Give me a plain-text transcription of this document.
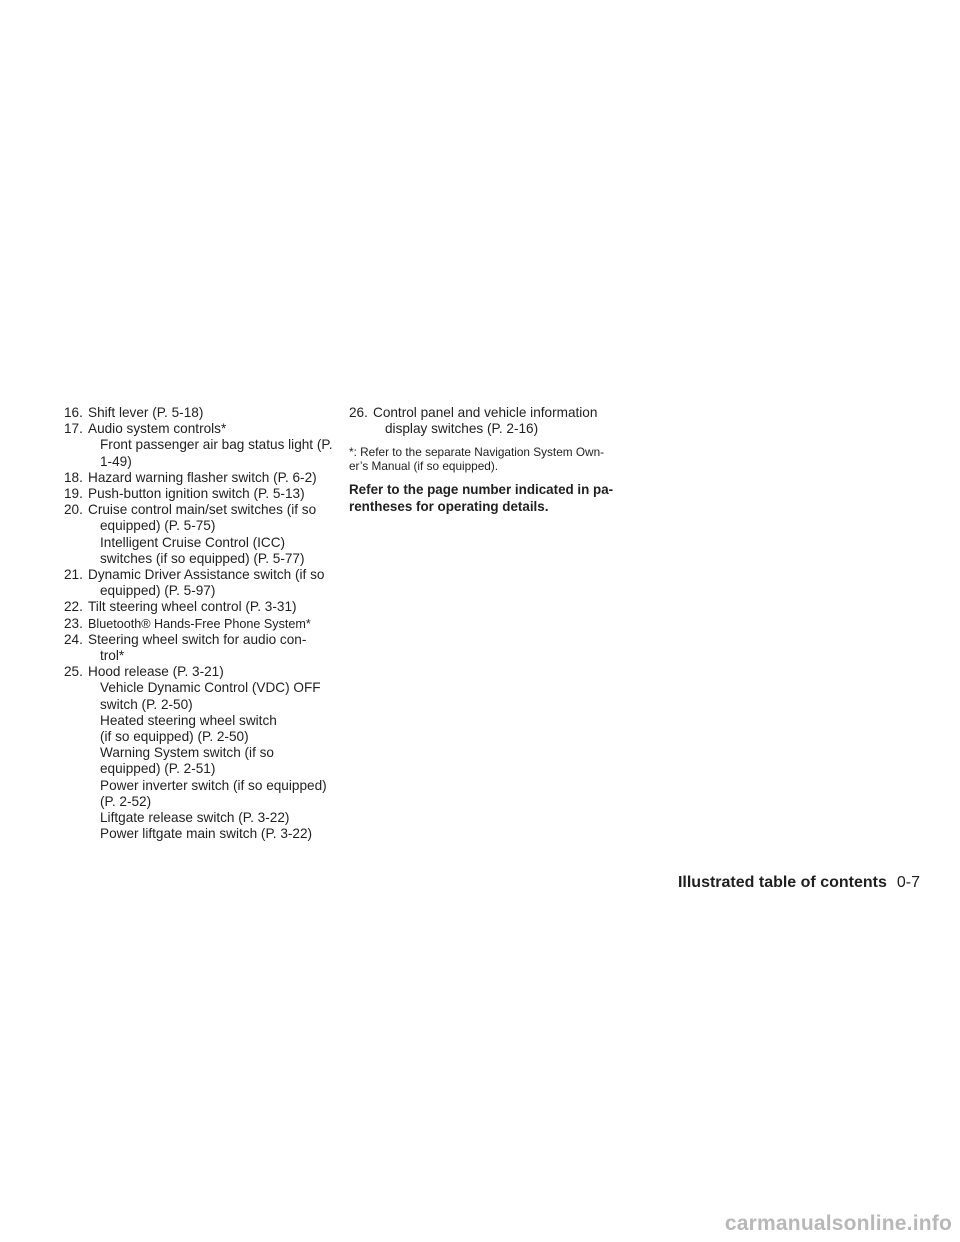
16. Shift lever (P. 5-18)
17. Audio system controls*
Front passenger air bag status light (P.
1-49)
18. Hazard warning flasher switch (P. 6-2)
19. Push-button ignition switch (P. 5-13)
20. Cruise control main/set switches (if so
equipped) (P. 5-75)
Intelligent Cruise Control (ICC)
switches (if so equipped) (P. 5-77)
21. Dynamic Driver Assistance switch (if so
equipped) (P. 5-97)
22. Tilt steering wheel control (P. 3-31)
23. Bluetooth® Hands-Free Phone System*
24. Steering wheel switch for audio con-
trol*
25. Hood release (P. 3-21)
Vehicle Dynamic Control (VDC) OFF
switch (P. 2-50)
Heated steering wheel switch
(if so equipped) (P. 2-50)
Warning System switch (if so
equipped) (P. 2-51)
Power inverter switch (if so equipped)
(P. 2-52)
Liftgate release switch (P. 3-22)
Power liftgate main switch (P. 3-22)
26. Control panel and vehicle information
display switches (P. 2-16)
*: Refer to the separate Navigation System Own-
er’s Manual (if so equipped).
Refer to the page number indicated in pa-
rentheses for operating details.
Illustrated table of contents 0-7
carmanualsonline.info
